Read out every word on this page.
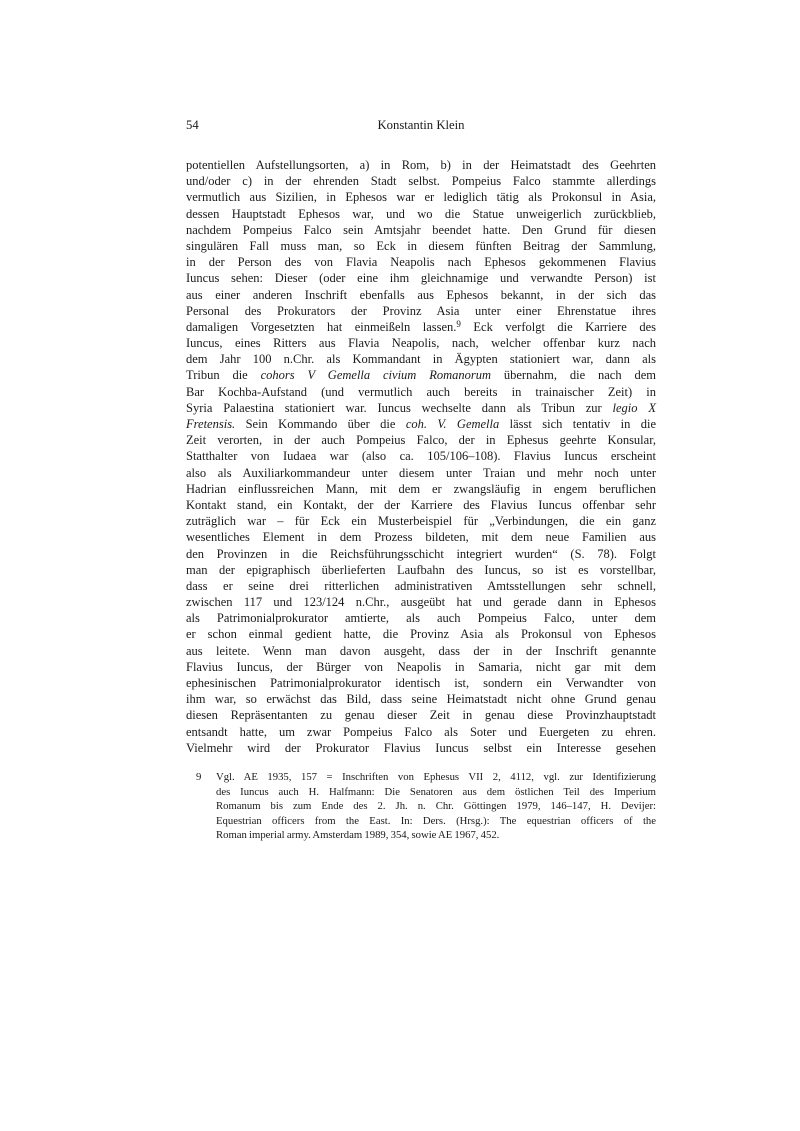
54	Konstantin Klein
potentiellen Aufstellungsorten, a) in Rom, b) in der Heimatstadt des Geehrten
und/oder c) in der ehrenden Stadt selbst. Pompeius Falco stammte allerdings
vermutlich aus Sizilien, in Ephesos war er lediglich tätig als Prokonsul in Asia,
dessen Hauptstadt Ephesos war, und wo die Statue unweigerlich zurückblieb,
nachdem Pompeius Falco sein Amtsjahr beendet hatte. Den Grund für diesen
singulären Fall muss man, so Eck in diesem fünften Beitrag der Sammlung,
in der Person des von Flavia Neapolis nach Ephesos gekommenen Flavius
Iuncus sehen: Dieser (oder eine ihm gleichnamige und verwandte Person) ist
aus einer anderen Inschrift ebenfalls aus Ephesos bekannt, in der sich das
Personal des Prokurators der Provinz Asia unter einer Ehrenstatue ihres
damaligen Vorgesetzten hat einmeißeln lassen.$^9$ Eck verfolgt die Karriere des
Iuncus, eines Ritters aus Flavia Neapolis, nach, welcher offenbar kurz nach
dem Jahr 100 n.Chr. als Kommandant in Ägypten stationiert war, dann als
Tribun die cohors V Gemella civium Romanorum übernahm, die nach dem
Bar Kochba-Aufstand (und vermutlich auch bereits in trainaischer Zeit) in
Syria Palaestina stationiert war. Iuncus wechselte dann als Tribun zur legio X
Fretensis. Sein Kommando über die coh. V. Gemella lässt sich tentativ in die
Zeit verorten, in der auch Pompeius Falco, der in Ephesus geehrte Konsular,
Statthalter von Iudaea war (also ca. 105/106–108). Flavius Iuncus erscheint
also als Auxiliarkommandeur unter diesem unter Traian und mehr noch unter
Hadrian einflussreichen Mann, mit dem er zwangsläufig in engem beruflichen
Kontakt stand, ein Kontakt, der der Karriere des Flavius Iuncus offenbar sehr
zuträglich war – für Eck ein Musterbeispiel für „Verbindungen, die ein ganz
wesentliches Element in dem Prozess bildeten, mit dem neue Familien aus
den Provinzen in die Reichsführungsschicht integriert wurden“ (S. 78). Folgt
man der epigraphisch überlieferten Laufbahn des Iuncus, so ist es vorstellbar,
dass er seine drei ritterlichen administrativen Amtsstellungen sehr schnell,
zwischen 117 und 123/124 n.Chr., ausgeübt hat und gerade dann in Ephesos
als Patrimonialprokurator amtierte, als auch Pompeius Falco, unter dem
er schon einmal gedient hatte, die Provinz Asia als Prokonsul von Ephesos
aus leitete. Wenn man davon ausgeht, dass der in der Inschrift genannte
Flavius Iuncus, der Bürger von Neapolis in Samaria, nicht gar mit dem
ephesinischen Patrimonialprokurator identisch ist, sondern ein Verwandter von
ihm war, so erwächst das Bild, dass seine Heimatstadt nicht ohne Grund genau
diesen Repräsentanten zu genau dieser Zeit in genau diese Provinzhauptstadt
entsandt hatte, um zwar Pompeius Falco als Soter und Euergeten zu ehren.
Vielmehr wird der Prokurator Flavius Iuncus selbst ein Interesse gesehen
9 Vgl. AE 1935, 157 = Inschriften von Ephesus VII 2, 4112, vgl. zur Identifizierung
des Iuncus auch H. Halfmann: Die Senatoren aus dem östlichen Teil des Imperium
Romanum bis zum Ende des 2. Jh. n. Chr. Göttingen 1979, 146–147, H. Devijer:
Equestrian officers from the East. In: Ders. (Hrsg.): The equestrian officers of the
Roman imperial army. Amsterdam 1989, 354, sowie AE 1967, 452.
